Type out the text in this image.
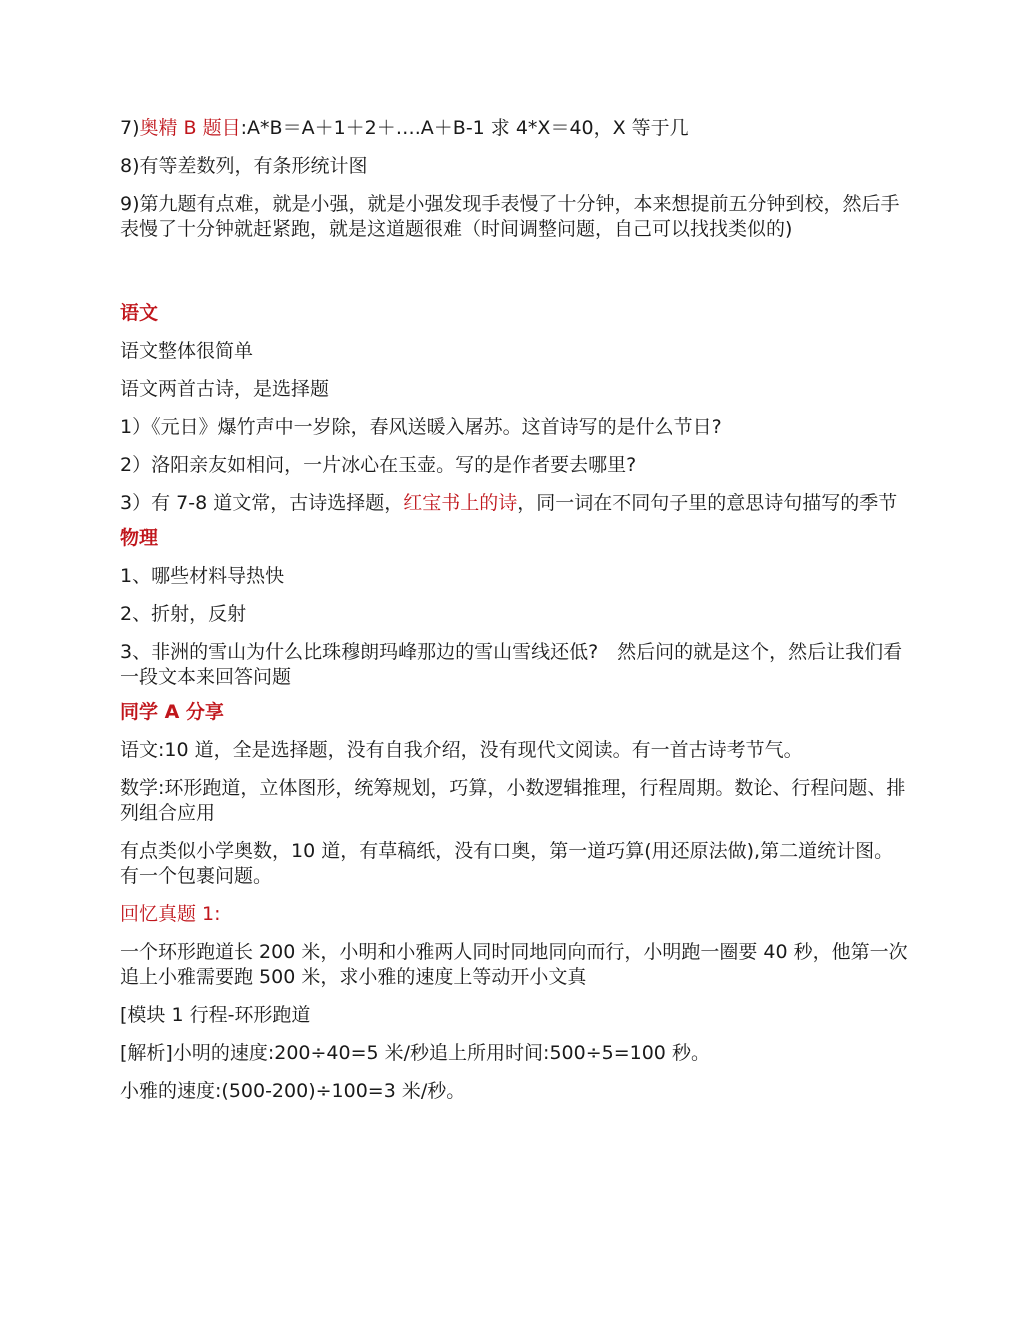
7)奥精 B 题目:A*B＝A＋1＋2＋….A＋B-1 求 4*X＝40，X 等于几

8)有等差数列，有条形统计图

9)第九题有点难，就是小强，就是小强发现手表慢了十分钟，本来想提前五分钟到校，然后手表慢了十分钟就赶紧跑，就是这道题很难（时间调整问题，自己可以找找类似的)

语文

语文整体很简单

语文两首古诗，是选择题

1）《元日》爆竹声中一岁除，春风送暖入屠苏。这首诗写的是什么节日?

2）洛阳亲友如相问，一片冰心在玉壶。写的是作者要去哪里?

3）有 7-8 道文常，古诗选择题，红宝书上的诗，同一词在不同句子里的意思诗句描写的季节

物理

1、哪些材料导热快

2、折射，反射

3、非洲的雪山为什么比珠穆朗玛峰那边的雪山雪线还低?　然后问的就是这个，然后让我们看一段文本来回答问题

同学 A 分享

语文:10 道，全是选择题，没有自我介绍，没有现代文阅读。有一首古诗考节气。

数学:环形跑道，立体图形，统筹规划，巧算，小数逻辑推理，行程周期。数论、行程问题、排列组合应用

有点类似小学奥数，10 道，有草稿纸，没有口奥，第一道巧算(用还原法做),第二道统计图。有一个包裹问题。

回忆真题 1:

一个环形跑道长 200 米，小明和小雅两人同时同地同向而行，小明跑一圈要 40 秒，他第一次追上小雅需要跑 500 米，求小雅的速度上等动开小文真

[模块 1 行程-环形跑道

[解析]小明的速度:200÷40=5 米/秒追上所用时间:500÷5=100 秒。

小雅的速度:(500-200)÷100=3 米/秒。
